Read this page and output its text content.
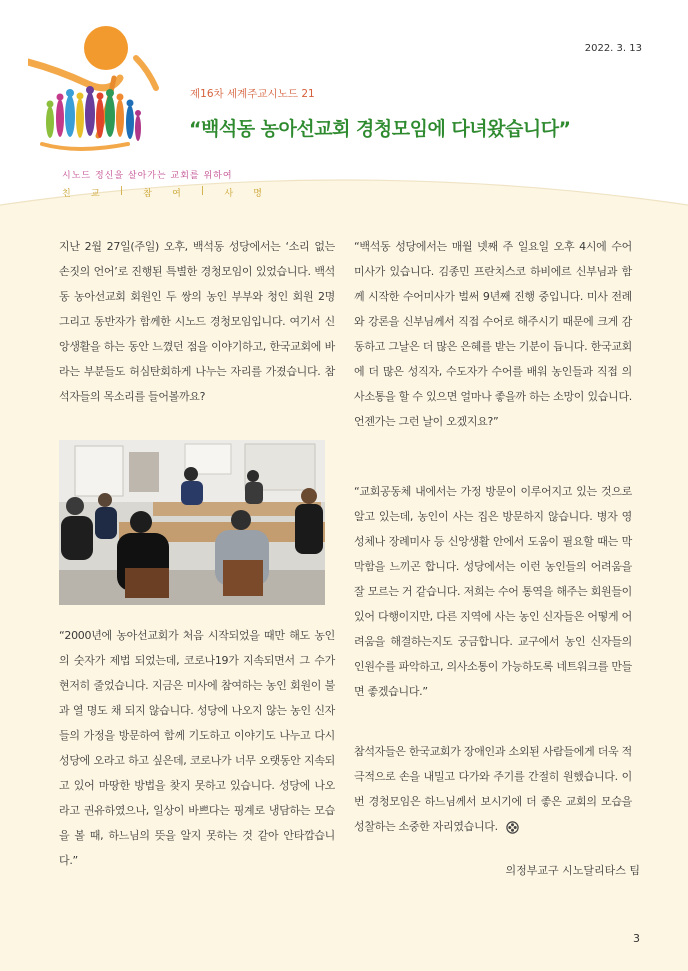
2022. 3. 13
제16차 세계주교시노드 21
“백석동 농아선교회 경청모임에 다녀왔습니다”
시노드 정신을 살아가는 교회를 위하여
친 교 | 참 여 | 사 명

지난 2월 27일(주일) 오후, 백석동 성당에서는 ‘소리 없는 손짓의 언어’로 진행된 특별한 경청모임이 있었습니다. 백석동 농아선교회 회원인 두 쌍의 농인 부부와 청인 회원 2명 그리고 동반자가 함께한 시노드 경청모임입니다. 여기서 신앙생활을 하는 동안 느꼈던 점을 이야기하고, 한국교회에 바라는 부분들도 허심탄회하게 나누는 자리를 가졌습니다. 참석자들의 목소리를 들어볼까요?

“2000년에 농아선교회가 처음 시작되었을 때만 해도 농인의 숫자가 제법 되었는데, 코로나19가 지속되면서 그 수가 현저히 줄었습니다. 지금은 미사에 참여하는 농인 회원이 불과 열 명도 채 되지 않습니다. 성당에 나오지 않는 농인 신자들의 가정을 방문하여 함께 기도하고 이야기도 나누고 다시 성당에 오라고 하고 싶은데, 코로나가 너무 오랫동안 지속되고 있어 마땅한 방법을 찾지 못하고 있습니다. 성당에 나오라고 권유하였으나, 일상이 바쁘다는 핑계로 냉담하는 모습을 볼 때, 하느님의 뜻을 알지 못하는 것 같아 안타깝습니다.”

“백석동 성당에서는 매월 넷째 주 일요일 오후 4시에 수어 미사가 있습니다. 김종민 프란치스코 하비에르 신부님과 함께 시작한 수어미사가 벌써 9년째 진행 중입니다. 미사 전례와 강론을 신부님께서 직접 수어로 해주시기 때문에 크게 감동하고 그날은 더 많은 은혜를 받는 기분이 듭니다. 한국교회에 더 많은 성직자, 수도자가 수어를 배워 농인들과 직접 의사소통을 할 수 있으면 얼마나 좋을까 하는 소망이 있습니다. 언젠가는 그런 날이 오겠지요?”

“교회공동체 내에서는 가정 방문이 이루어지고 있는 것으로 알고 있는데, 농인이 사는 집은 방문하지 않습니다. 병자 영성체나 장례미사 등 신앙생활 안에서 도움이 필요할 때는 막막함을 느끼곤 합니다. 성당에서는 이런 농인들의 어려움을 잘 모르는 거 같습니다. 저희는 수어 통역을 해주는 회원들이 있어 다행이지만, 다른 지역에 사는 농인 신자들은 어떻게 어려움을 해결하는지도 궁금합니다. 교구에서 농인 신자들의 인원수를 파악하고, 의사소통이 가능하도록 네트워크를 만들면 좋겠습니다.”

참석자들은 한국교회가 장애인과 소외된 사람들에게 더욱 적극적으로 손을 내밀고 다가와 주기를 간절히 원했습니다. 이번 경청모임은 하느님께서 보시기에 더 좋은 교회의 모습을 성찰하는 소중한 자리였습니다.

의정부교구 시노달리타스 팀
3
